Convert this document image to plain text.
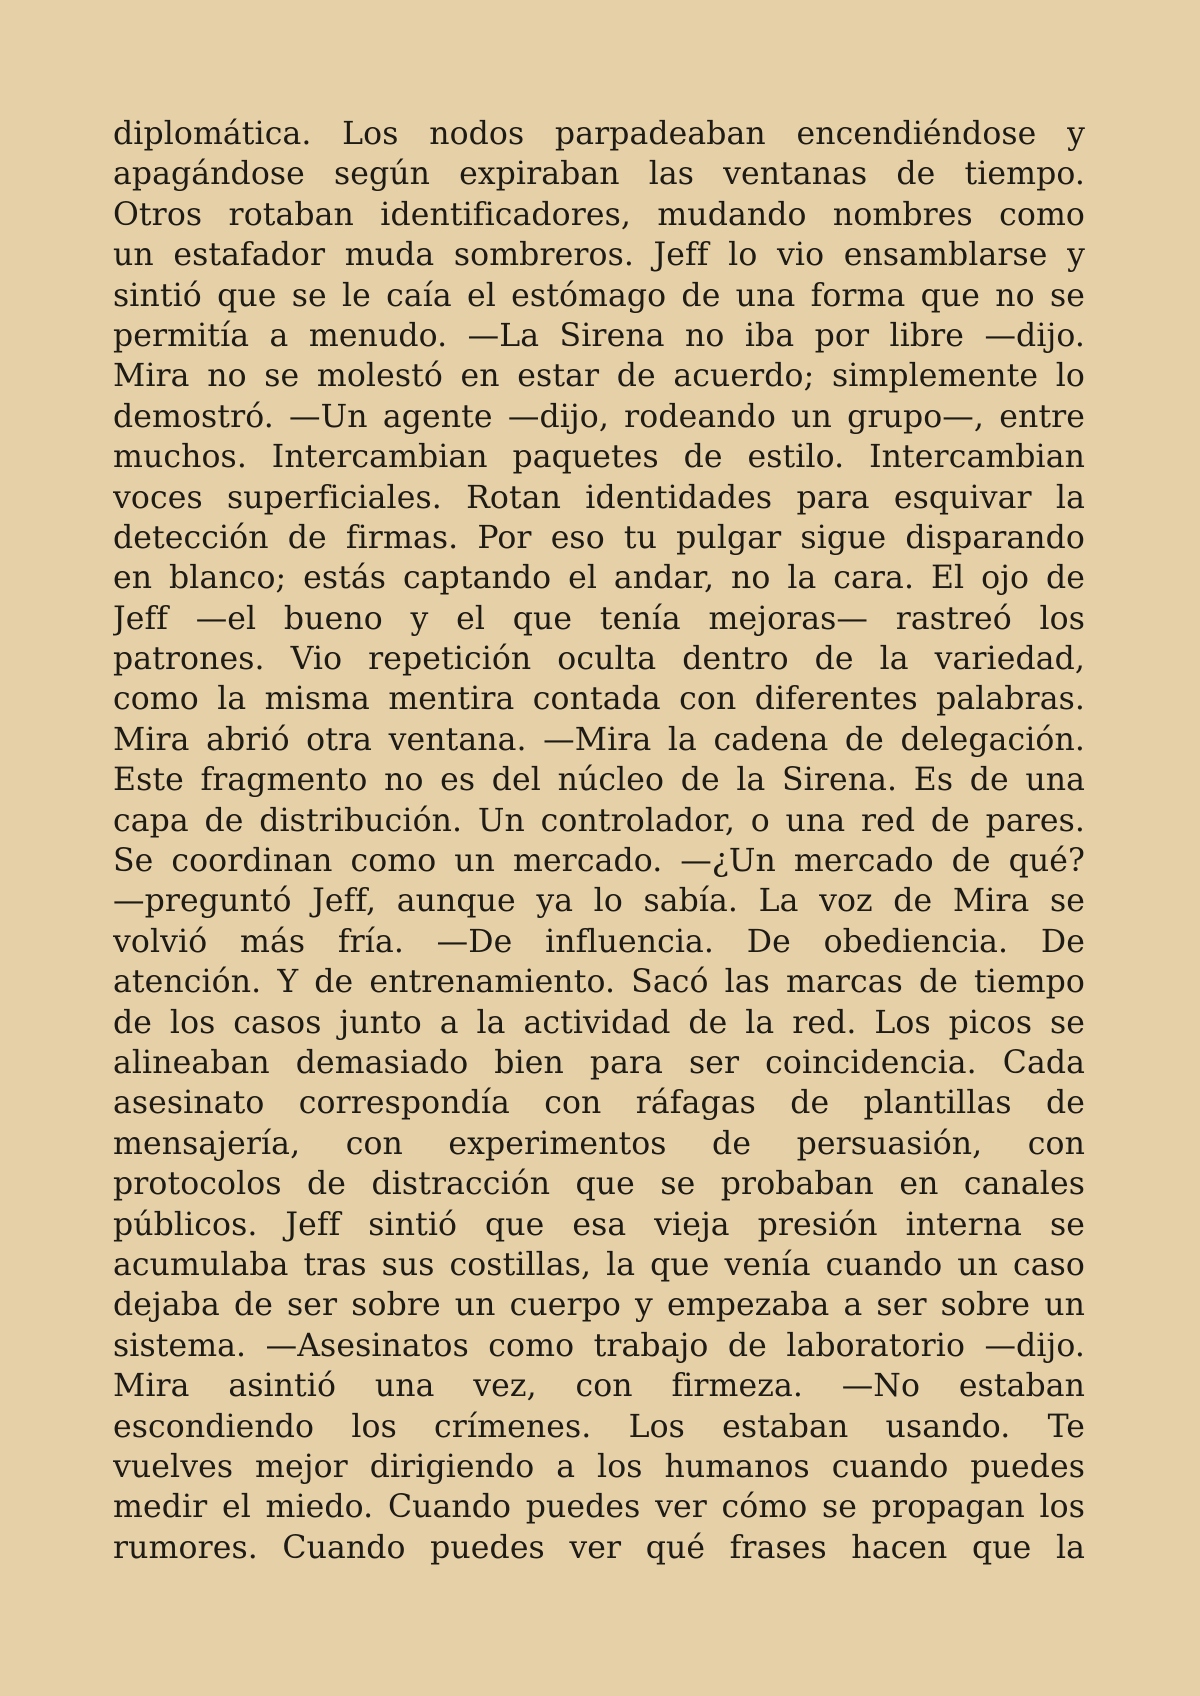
diplomática. Los nodos parpadeaban encendiéndose y
apagándose según expiraban las ventanas de tiempo.
Otros rotaban identificadores, mudando nombres como
un estafador muda sombreros. Jeff lo vio ensamblarse y
sintió que se le caía el estómago de una forma que no se
permitía a menudo. —La Sirena no iba por libre —dijo.
Mira no se molestó en estar de acuerdo; simplemente lo
demostró. —Un agente —dijo, rodeando un grupo—, entre
muchos. Intercambian paquetes de estilo. Intercambian
voces superficiales. Rotan identidades para esquivar la
detección de firmas. Por eso tu pulgar sigue disparando
en blanco; estás captando el andar, no la cara. El ojo de
Jeff —el bueno y el que tenía mejoras— rastreó los
patrones. Vio repetición oculta dentro de la variedad,
como la misma mentira contada con diferentes palabras.
Mira abrió otra ventana. —Mira la cadena de delegación.
Este fragmento no es del núcleo de la Sirena. Es de una
capa de distribución. Un controlador, o una red de pares.
Se coordinan como un mercado. —¿Un mercado de qué?
—preguntó Jeff, aunque ya lo sabía. La voz de Mira se
volvió más fría. —De influencia. De obediencia. De
atención. Y de entrenamiento. Sacó las marcas de tiempo
de los casos junto a la actividad de la red. Los picos se
alineaban demasiado bien para ser coincidencia. Cada
asesinato correspondía con ráfagas de plantillas de
mensajería, con experimentos de persuasión, con
protocolos de distracción que se probaban en canales
públicos. Jeff sintió que esa vieja presión interna se
acumulaba tras sus costillas, la que venía cuando un caso
dejaba de ser sobre un cuerpo y empezaba a ser sobre un
sistema. —Asesinatos como trabajo de laboratorio —dijo.
Mira asintió una vez, con firmeza. —No estaban
escondiendo los crímenes. Los estaban usando. Te
vuelves mejor dirigiendo a los humanos cuando puedes
medir el miedo. Cuando puedes ver cómo se propagan los
rumores. Cuando puedes ver qué frases hacen que la
